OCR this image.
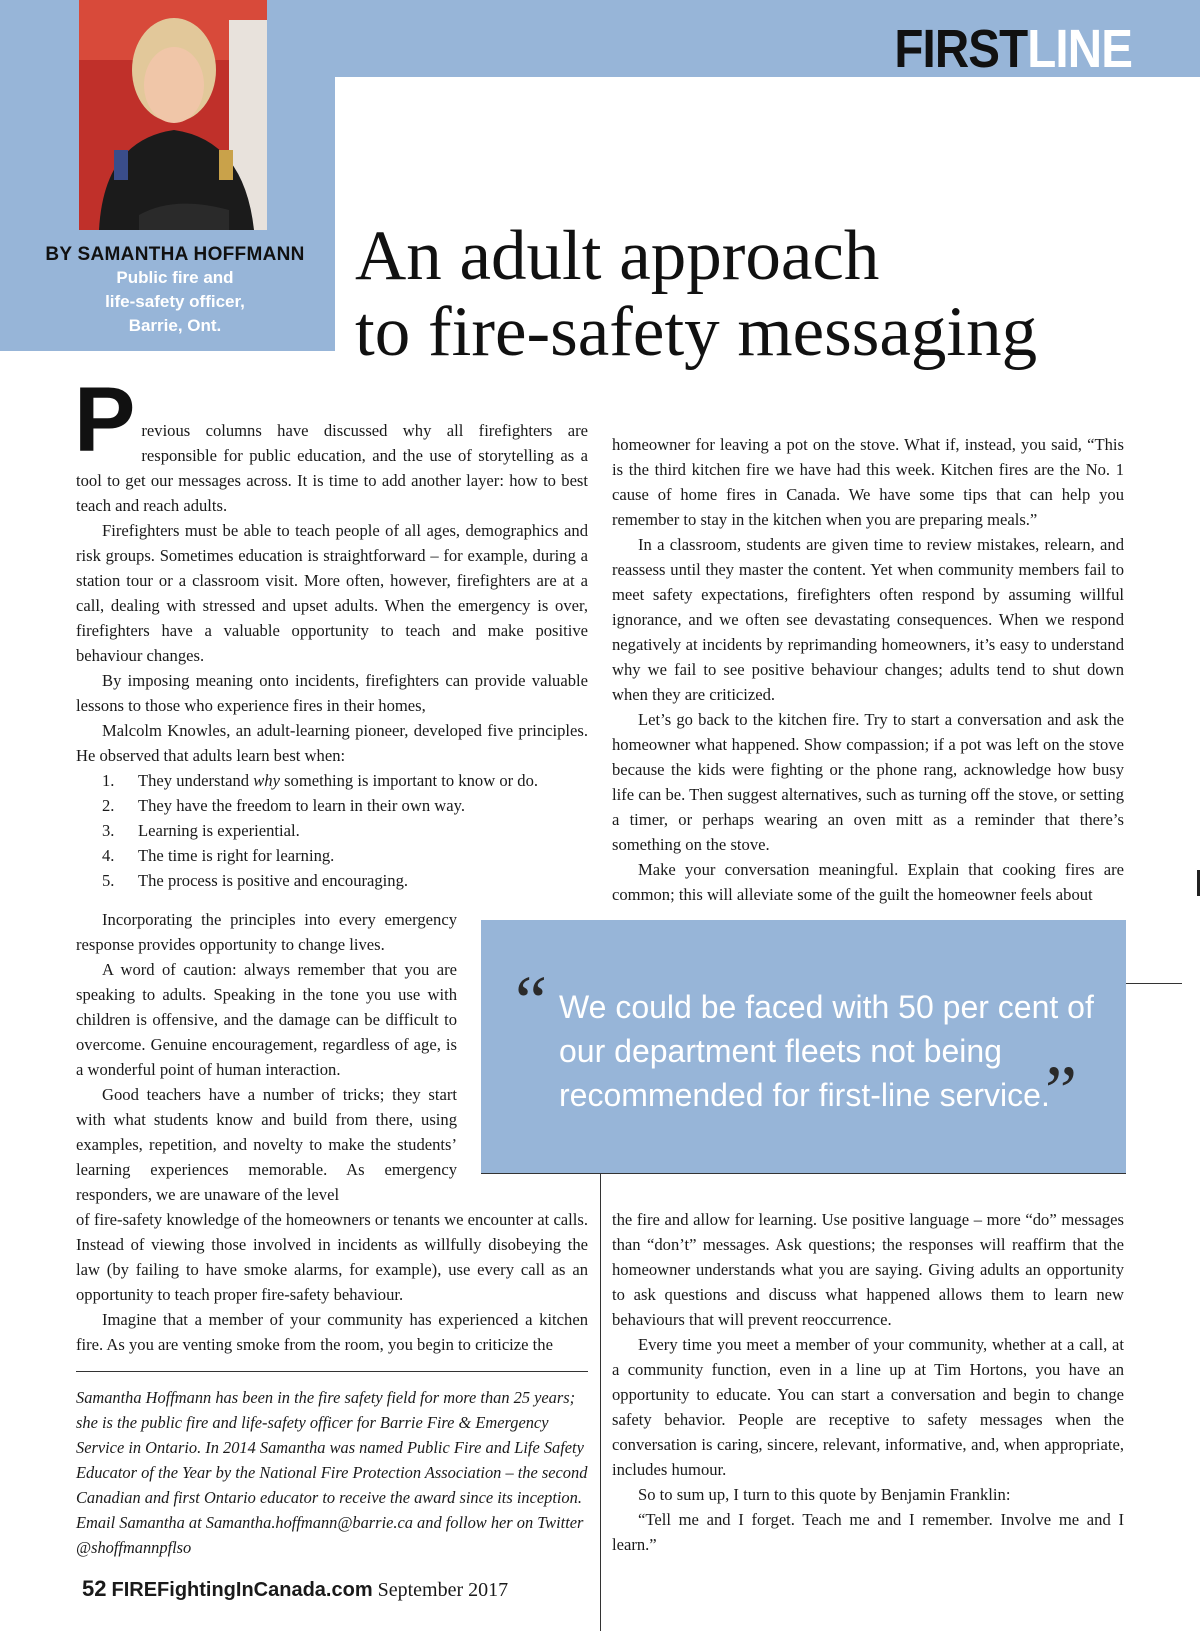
FIRSTLINE
BY SAMANTHA HOFFMANN
Public fire and
life-safety officer,
Barrie, Ont.
An adult approach
to fire-safety messaging
P revious columns have discussed why all firefighters are responsible for public education, and the use of storytelling as a tool to get our messages across. It is time to add another layer: how to best teach and reach adults.

Firefighters must be able to teach people of all ages, demographics and risk groups. Sometimes education is straightforward – for example, during a station tour or a classroom visit. More often, however, firefighters are at a call, dealing with stressed and upset adults. When the emergency is over, firefighters have a valuable opportunity to teach and make positive behaviour changes.

By imposing meaning onto incidents, firefighters can provide valuable lessons to those who experience fires in their homes,

Malcolm Knowles, an adult-learning pioneer, developed five principles. He observed that adults learn best when:

1.	They understand why something is important to know or do.
2.	They have the freedom to learn in their own way.
3.	Learning is experiential.
4.	The time is right for learning.
5.	The process is positive and encouraging.

Incorporating the principles into every emergency response provides opportunity to change lives.

A word of caution: always remember that you are speaking to adults. Speaking in the tone you use with children is offensive, and the damage can be difficult to overcome. Genuine encouragement, regardless of age, is a wonderful point of human interaction.

Good teachers have a number of tricks; they start with what students know and build from there, using examples, repetition, and novelty to make the students’ learning experiences memorable. As emergency responders, we are unaware of the level

of fire-safety knowledge of the homeowners or tenants we encounter at calls. Instead of viewing those involved in incidents as willfully disobeying the law (by failing to have smoke alarms, for example), use every call as an opportunity to teach proper fire-safety behaviour.

Imagine that a member of your community has experienced a kitchen fire. As you are venting smoke from the room, you begin to criticize the

homeowner for leaving a pot on the stove. What if, instead, you said, “This is the third kitchen fire we have had this week. Kitchen fires are the No. 1 cause of home fires in Canada. We have some tips that can help you remember to stay in the kitchen when you are preparing meals.”

In a classroom, students are given time to review mistakes, relearn, and reassess until they master the content. Yet when community members fail to meet safety expectations, firefighters often respond by assuming willful ignorance, and we often see devastating consequences. When we respond negatively at incidents by reprimanding homeowners, it’s easy to understand why we fail to see positive behaviour changes; adults tend to shut down when they are criticized.

Let’s go back to the kitchen fire. Try to start a conversation and ask the homeowner what happened. Show compassion; if a pot was left on the stove because the kids were fighting or the phone rang, acknowledge how busy life can be. Then suggest alternatives, such as turning off the stove, or setting a timer, or perhaps wearing an oven mitt as a reminder that there’s something on the stove.

Make your conversation meaningful. Explain that cooking fires are common; this will alleviate some of the guilt the homeowner feels about

“ We could be faced with 50 per cent of our department fleets not being recommended for first-line service.
”

the fire and allow for learning. Use positive language – more “do” messages than “don’t” messages. Ask questions; the responses will reaffirm that the homeowner understands what you are saying. Giving adults an opportunity to ask questions and discuss what happened allows them to learn new behaviours that will prevent reoccurrence.

Every time you meet a member of your community, whether at a call, at a community function, even in a line up at Tim Hortons, you have an opportunity to educate. You can start a conversation and begin to change safety behavior. People are receptive to safety messages when the conversation is caring, sincere, relevant, informative, and, when appropriate, includes humour.

So to sum up, I turn to this quote by Benjamin Franklin:

“Tell me and I forget. Teach me and I remember. Involve me and I learn.”

Samantha Hoffmann has been in the fire safety field for more than 25 years; she is the public fire and life-safety officer for Barrie Fire & Emergency Service in Ontario. In 2014 Samantha was named Public Fire and Life Safety Educator of the Year by the National Fire Protection Association – the second Canadian and first Ontario educator to receive the award since its inception. Email Samantha at Samantha.hoffmann@barrie.ca and follow her on Twitter @shoffmannpflso
52 FIREFightingInCanada.com September 2017
